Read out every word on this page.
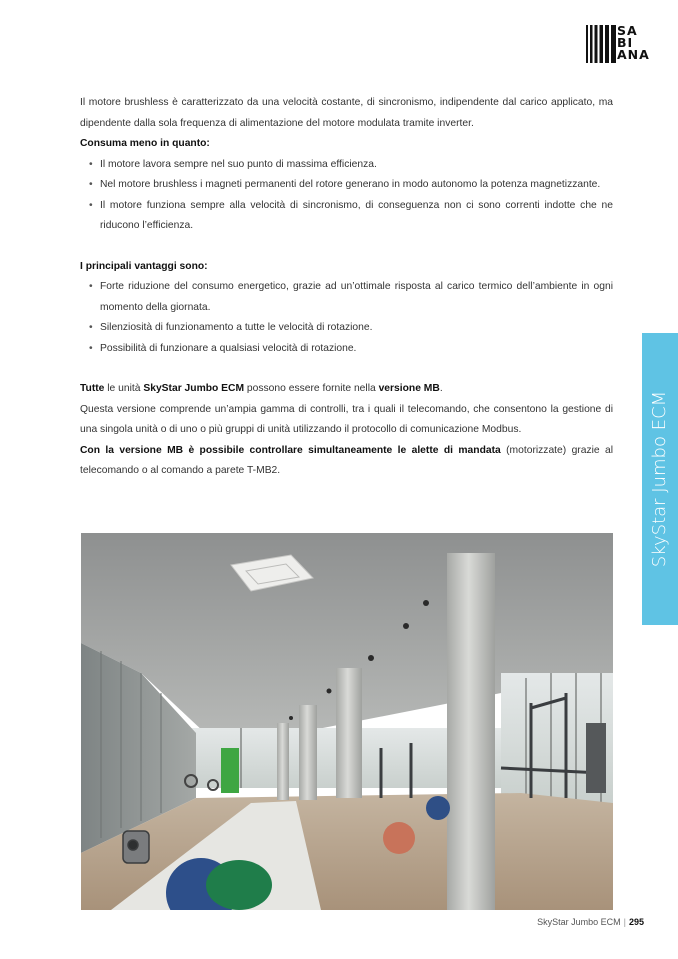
SA
BI
ANA

Il motore brushless è caratterizzato da una velocità costante, di sincronismo, indipendente dal carico applicato, ma dipendente dalla sola frequenza di alimentazione del motore modulata tramite inverter.

Consuma meno in quanto:

• Il motore lavora sempre nel suo punto di massima efficienza.
• Nel motore brushless i magneti permanenti del rotore generano in modo autonomo la potenza magnetizzante.
• Il motore funziona sempre alla velocità di sincronismo, di conseguenza non ci sono correnti indotte che ne riducono l’efficienza.

I principali vantaggi sono:

• Forte riduzione del consumo energetico, grazie ad un’ottimale risposta al carico termico dell’ambiente in ogni momento della giornata.
• Silenziosità di funzionamento a tutte le velocità di rotazione.
• Possibilità di funzionare a qualsiasi velocità di rotazione.

Tutte le unità SkyStar Jumbo ECM possono essere fornite nella versione MB.

Questa versione comprende un’ampia gamma di controlli, tra i quali il telecomando, che consentono la gestione di una singola unità o di uno o più gruppi di unità utilizzando il protocollo di comunicazione Modbus.

Con la versione MB è possibile controllare simultaneamente le alette di mandata (motorizzate) grazie al telecomando o al comando a parete T-MB2.	SkyStar Jumbo ECM
SkyStar Jumbo ECM | 295
